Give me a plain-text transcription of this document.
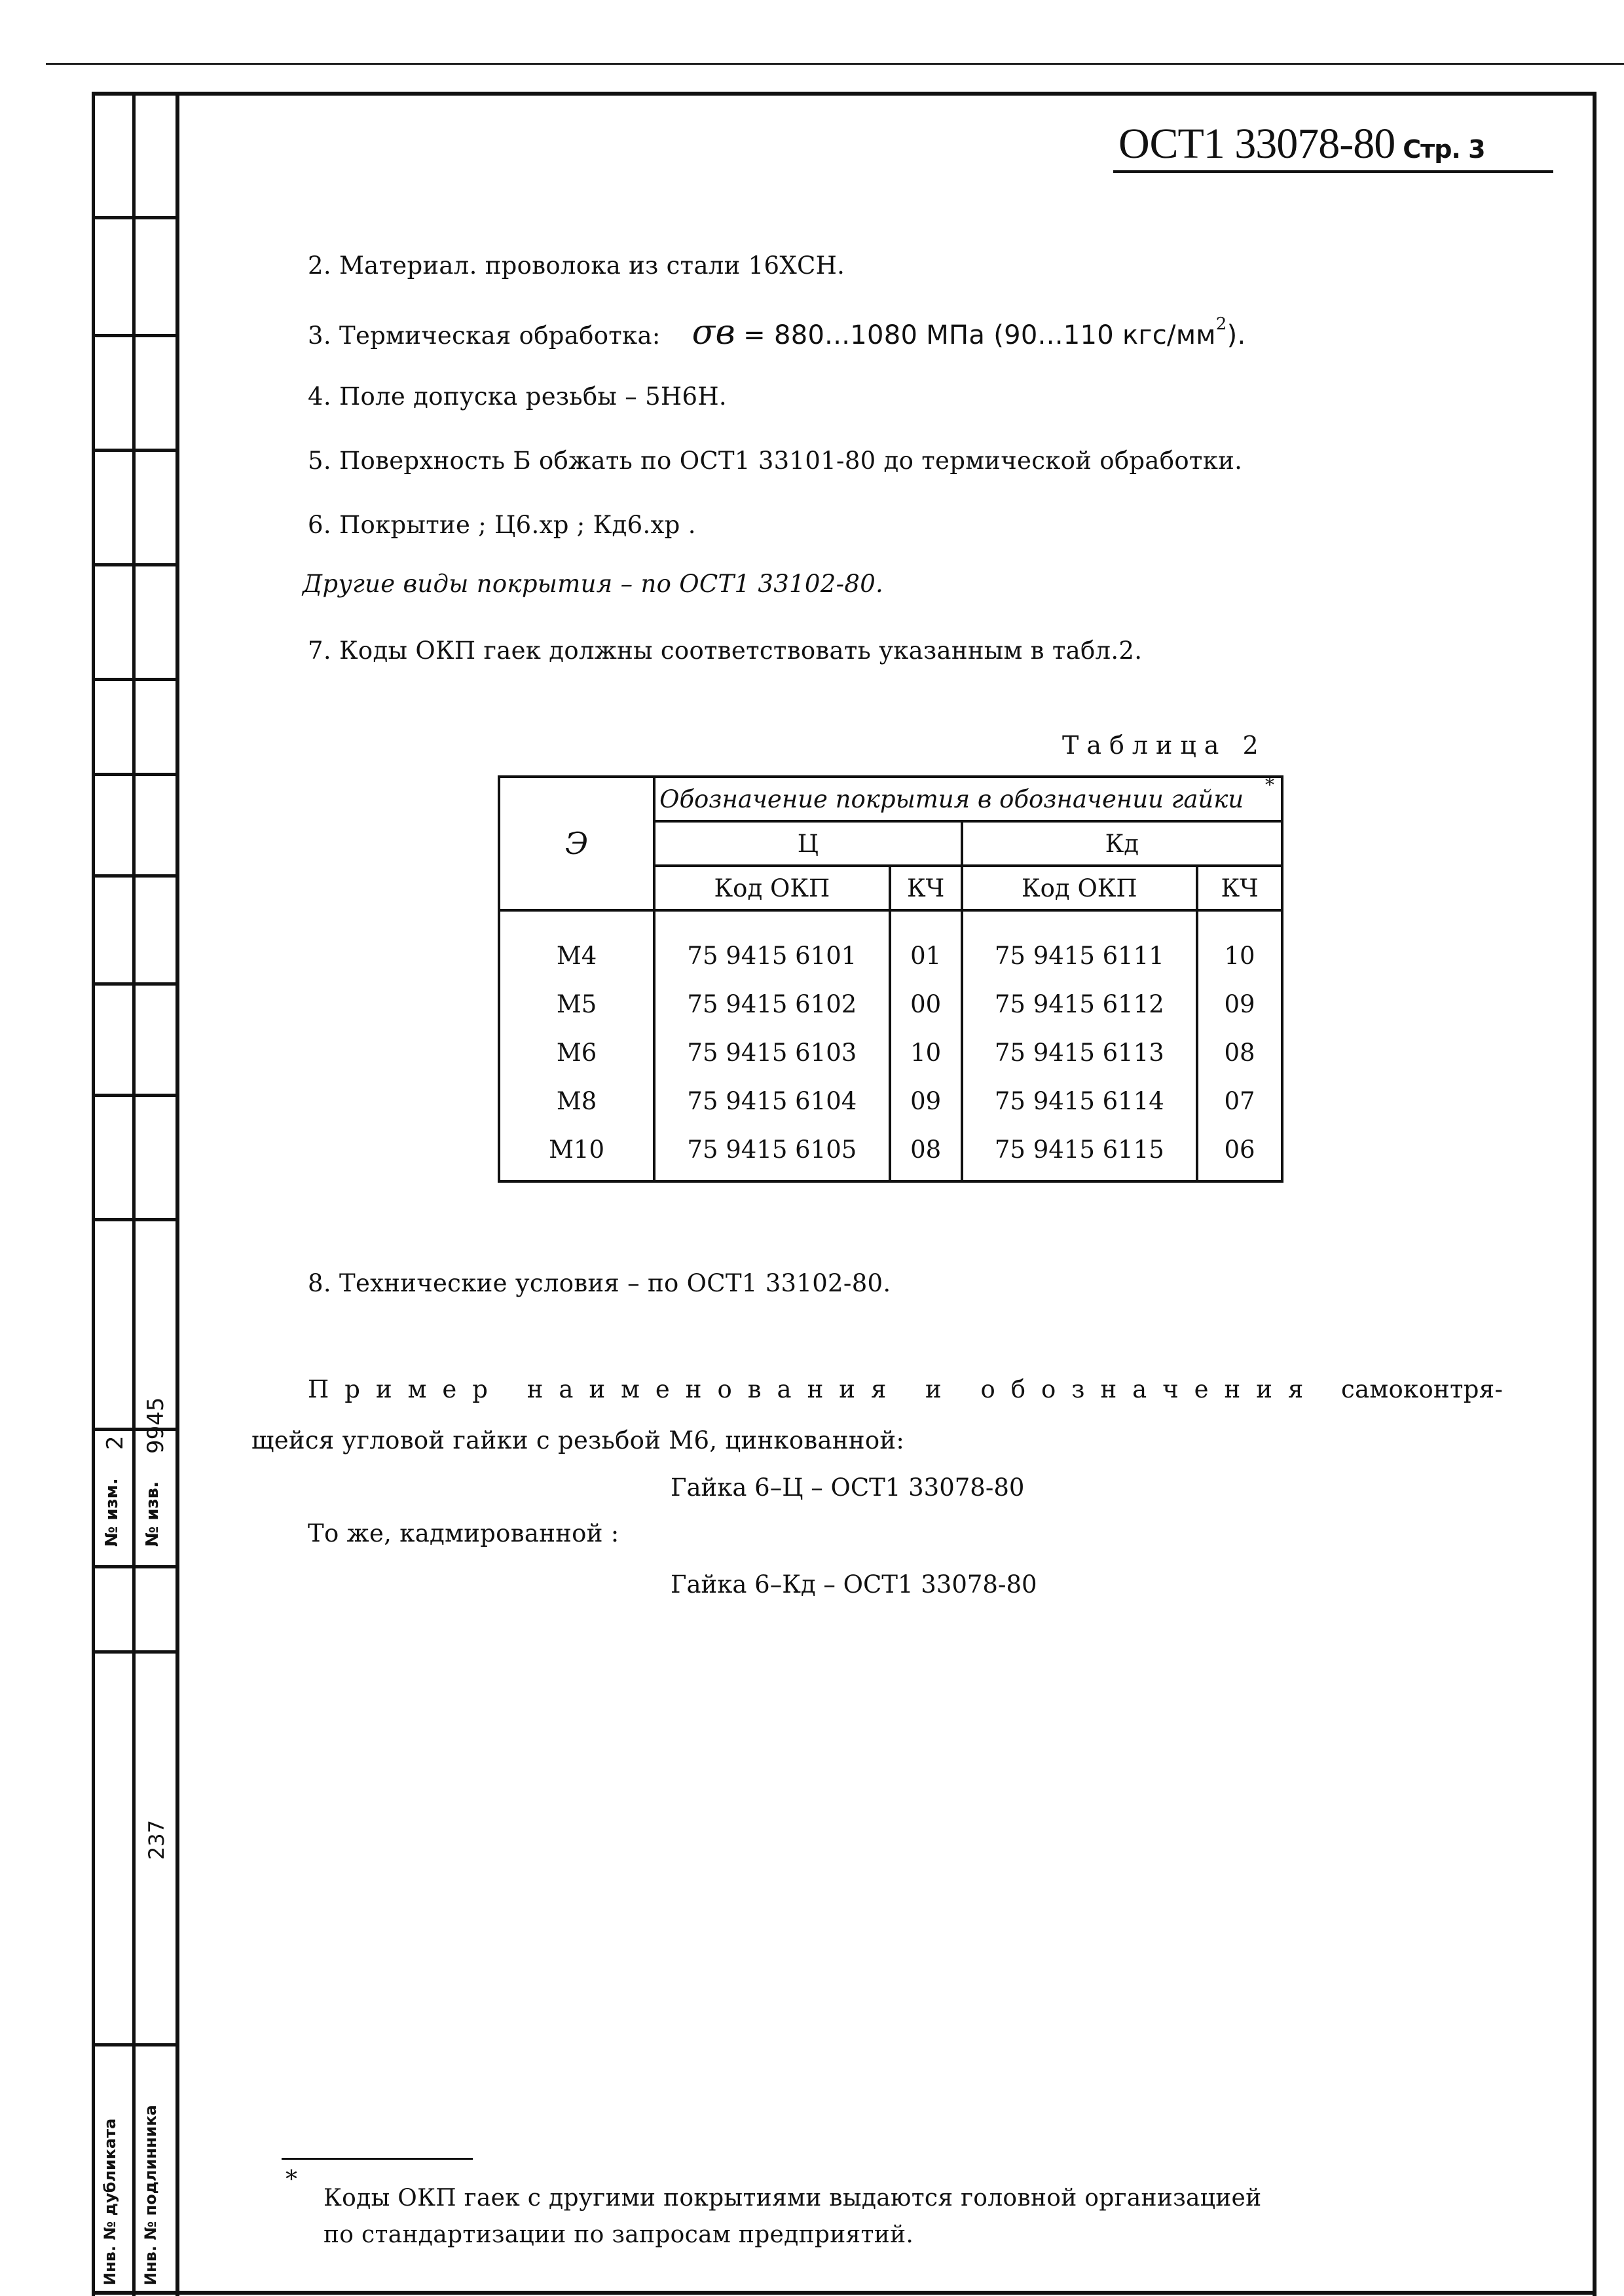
2 9945
№ изм. № изв.
237
Инв. № дубликата Инв. № подлинника
ОСТ1 33078-80 Стр. 3
2. Материал. проволока из стали 16ХСН.
3. Термическая обработка: σв = 880...1080 МПа (90...110 кгс/$мм^2$).
4. Поле допуска резьбы – 5Н6Н.
5. Поверхность Б обжать по ОСТ1 33101-80 до термической обработки.
6. Покрытие ; Ц6.хр ; Кд6.хр .
Другие виды покрытия – по ОСТ1 33102-80.
7. Коды ОКП гаек должны соответствовать указанным в табл.2.
Таблица 2
*
Э	Обозначение покрытия в обозначении гайки			
	Ц		Кд	
	Код ОКП	КЧ	Код ОКП	КЧ
М4	75 9415 6101	01	75 9415 6111	10
М5	75 9415 6102	00	75 9415 6112	09
М6	75 9415 6103	10	75 9415 6113	08
М8	75 9415 6104	09	75 9415 6114	07
М10	75 9415 6105	08	75 9415 6115	06
8. Технические условия – по ОСТ1 33102-80.
Пример наименования и обозначения самоконтря-
щейся угловой гайки с резьбой М6, цинкованной:
Гайка 6–Ц – ОСТ1 33078-80
То же, кадмированной :
Гайка 6–Кд – ОСТ1 33078-80
*
Коды ОКП гаек с другими покрытиями выдаются головной организацией
по стандартизации по запросам предприятий.
